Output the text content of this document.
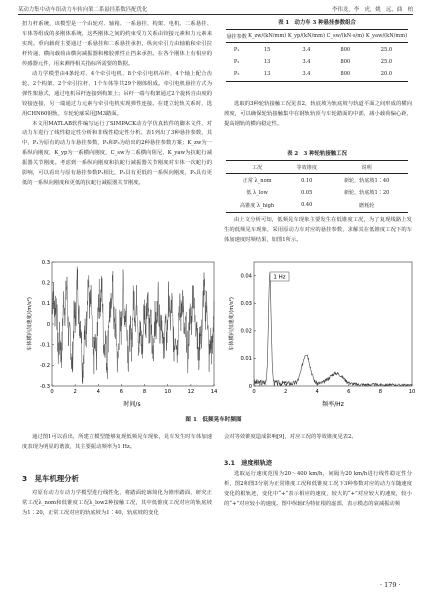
某动力集中动车组动力车转向架二系悬挂系数匹配优化	李伟龙，李　虎，姚　远，曲　柏

扭力杆系统，该模型是一个由轮对、轴箱、一系悬挂、构架、电机、二系悬挂、车体等组成的多刚体系统，这些刚体之间的约束受力关系由铰接元素和力元素来实现。垂向载荷主要通过一系悬挂和二系悬挂承担，纵向牵引力由轴箱和牵引拉杆传递，横向载荷由横向减振器和橡胶弹性止挡来承担。在各个刚体上有相应的传感器元件，用来测得相关指标所需要的数据。

动力学模型由4条轮对、4个牵引电机、8个牵引电机吊杆、4个轴上配合齿轮、2个构架、2个牵引拉杆、1个车体等共29个刚体组成。牵引电机悬挂方式为弹性架悬式，通过电机吊杆连接到构架上；吊杆一端与构架通过2个旋转自由度的铰接连接，另一端通过力元素与牵引电机实现弹性连接。在建立轮轨关系时，选用CHN60钢轨，车轮轮廓采用JM3踏面。

本文用MATLAB软件编写运行了SIMPACK动力学仿真软件的脚本文件，对动力车进行了线性稳定性分析和非线性稳定性分析。表1列出了3种悬挂参数，其中，P₁为原有的动力车悬挂参数，P₂和P₃为给出的2种悬挂参数方案；K_zw为一系纵向刚度，K_yp为一系横向刚度，C_sw为二系横向阻尼，K_yaw为抗蛇行减振器关节刚度。考虑到一系纵向刚度和抗蛇行减振器关节刚度对车体一次蛇行的影响，可以看出与原有悬挂参数P₁相比，P₂具有更低的一系纵向刚度，P₃具有更低的一系纵向刚度和更低的抗蛇行减振器关节刚度。

表 1　动力车 3 种悬挂参数组合
悬挂参数	K_zw/(kN/mm)	K_yp/(kN/mm)	C_sw/(kN·s/m)	K_yaw/(kN/mm)
P₁	15	3.4	800	25.0
P₂	13	3.4	800	25.0
P₃	13	3.4	800	20.0

选取的3种轮轨接触工况见表2，轨底坡为轨底坡与轨道平面之间形成的横向坡度，可以确保轮轨接触集中在钢轨轨顶与车轮踏面的中部，减小载荷偏心距，提高钢轨的横向稳定性。

表 2　3 种轮轨接触工况
工况	等效锥度	说明
正常 λ_nom	0.10	新轮，轨底坡1∶40
低 λ_low	0.05	新轮，轨底坡1∶20
高锥度 λ_high	0.40	磨耗轮

由上文分析可知，低频晃车现象主要发生在低锥度工况，为了复现线路上发生的低频晃车现象，采用原动力车对应的悬挂参数，求解其在低锥度工况下的车体加速度时频结果，如图1所示。

0	2	4	6	8	10	12	14
-0.3
-0.2
-0.1
0
0.1
0.2
0.3
时间/s
车体横向加速度/(m/s²)
0	2	4	6	8	10
0
0.01
0.02
0.03
0.04	1 Hz
频率/Hz
车体横向加速度/(m/s²)
图 1　低频晃车时频图

通过图1可以看出，所建立模型能够复现低频晃车现象，晃车发生时车体加速度表现为明显的谐波，其主要振动频率为1 Hz。

3　晃车机理分析

对原有动力车动力学模型进行线性化，将踏面轮廓简化为锥形踏面，研究正常工况λ_nom和低锥度工况λ_low2种接触工况，其中低锥度工况对应的轨底坡为1∶20，正常工况对应的轨底坡为1∶40，轨底坡的变化

会对等效锥度造成影响[9]，对应工况的等效锥度见表2。

3.1　速度根轨迹

选取运行速度范围为20～400 km/h，间隔为20 km/h进行线性稳定性分析，图2和图3分别为正常锥度工况和低锥度工况下3种参数对应的动力车随速度变化的根轨迹，变化中“+”表示相应的速度，较大的“+”对应较大的速度，较小的“+”对应较小的速度。图中纵轴f为特征根的虚部，表示模态的衰减振动频

· 179 ·
